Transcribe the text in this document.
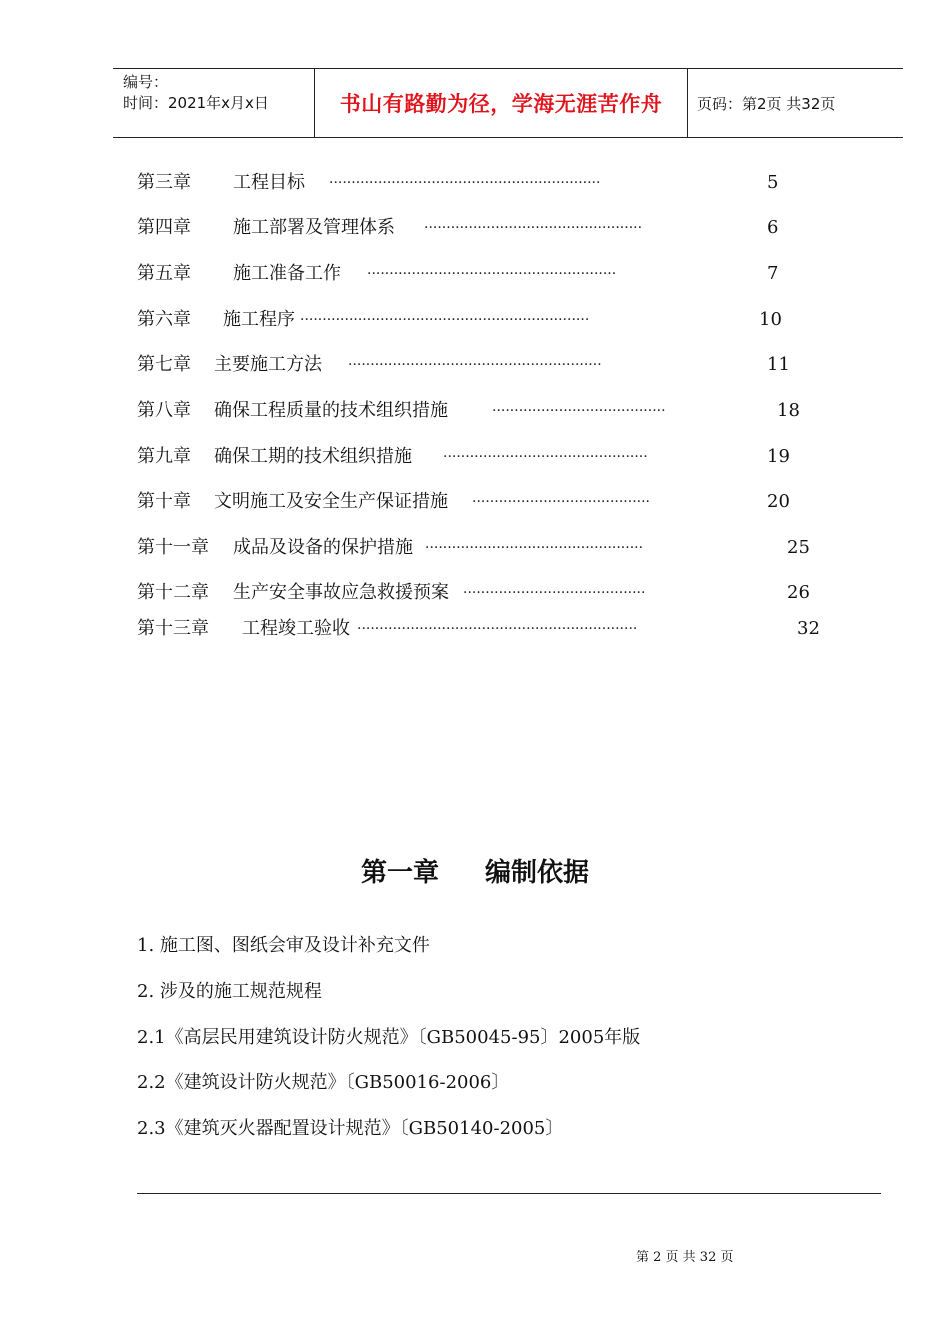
编号：
时间：2021年x月x日	书山有路勤为径，学海无涯苦作舟	页码：第2页 共32页
第三章 工程目标 ·····························································	5
第四章 施工部署及管理体系 ·················································	6
第五章 施工准备工作 ························································	7
第六章 施工程序 ·································································	10
第七章 主要施工方法 ·························································	11
第八章 确保工程质量的技术组织措施	·······································	18
第九章 确保工期的技术组织措施 ··············································	19
第十章 文明施工及安全生产保证措施 ········································	20
第十一章 成品及设备的保护措施 ·················································	25
第十二章 生产安全事故应急救援预案 ·········································	26
第十三章 工程竣工验收 ·······························································	32
第一章 编制依据
1. 施工图、图纸会审及设计补充文件
2. 涉及的施工规范规程
2.1《高层民用建筑设计防火规范》〔GB50045-95〕2005年版
2.2《建筑设计防火规范》〔GB50016-2006〕
2.3《建筑灭火器配置设计规范》〔GB50140-2005〕
第 2 页 共 32 页
